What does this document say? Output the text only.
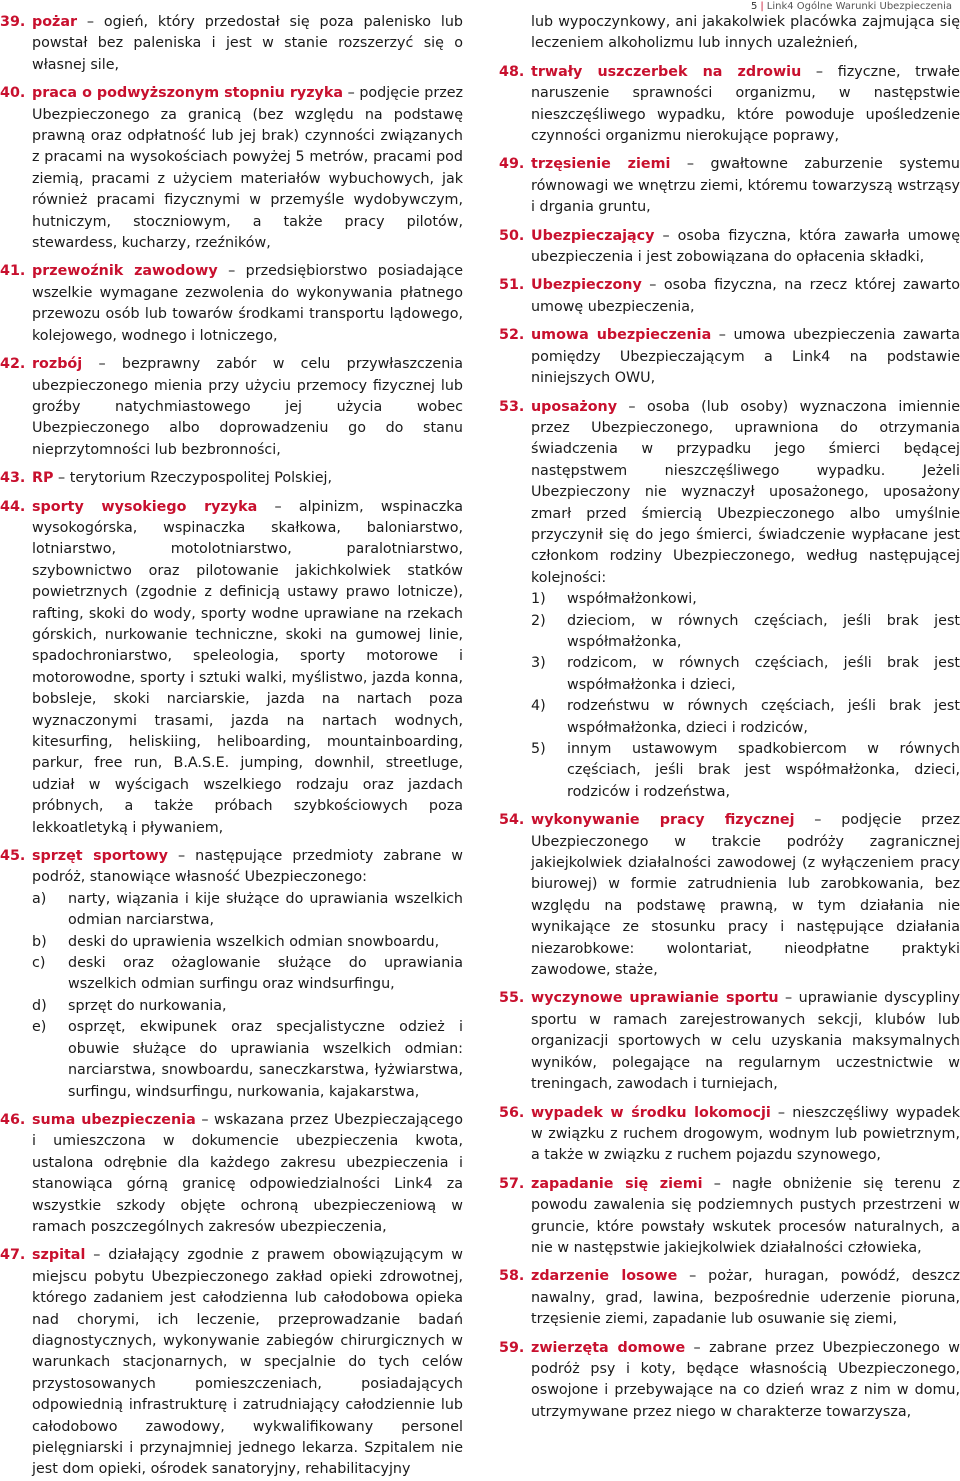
5 | Link4 Ogólne Warunki Ubezpieczenia
39. pożar – ogień, który przedostał się poza palenisko lub powstał bez paleniska i jest w stanie rozszerzyć się o własnej sile,
40. praca o podwyższonym stopniu ryzyka – podjęcie przez Ubezpieczonego za granicą (bez względu na podstawę prawną oraz odpłatność lub jej brak) czynności związanych z pracami na wysokościach powyżej 5 metrów, pracami pod ziemią, pracami z użyciem materiałów wybuchowych, jak również pracami fizycznymi w przemyśle wydobywczym, hutniczym, stoczniowym, a także pracy pilotów, stewardess, kucharzy, rzeźników,
41. przewoźnik zawodowy – przedsiębiorstwo posiadające wszelkie wymagane zezwolenia do wykonywania płatnego przewozu osób lub towarów środkami transportu lądowego, kolejowego, wodnego i lotniczego,
42. rozbój – bezprawny zabór w celu przywłaszczenia ubezpieczonego mienia przy użyciu przemocy fizycznej lub groźby natychmiastowego jej użycia wobec Ubezpieczonego albo doprowadzeniu go do stanu nieprzytomności lub bezbronności,
43. RP – terytorium Rzeczypospolitej Polskiej,
44. sporty wysokiego ryzyka – alpinizm, wspinaczka wysokogórska, wspinaczka skałkowa, baloniarstwo, lotniarstwo, motolotniarstwo, paralotniarstwo, szybownictwo oraz pilotowanie jakichkolwiek statków powietrznych (zgodnie z definicją ustawy prawo lotnicze), rafting, skoki do wody, sporty wodne uprawiane na rzekach górskich, nurkowanie techniczne, skoki na gumowej linie, spadochroniarstwo, speleologia, sporty motorowe i motorowodne, sporty i sztuki walki, myślistwo, jazda konna, bobsleje, skoki narciarskie, jazda na nartach poza wyznaczonymi trasami, jazda na nartach wodnych, kitesurfing, heliskiing, heliboarding, mountainboarding, parkur, free run, B.A.S.E. jumping, downhil, streetluge, udział w wyścigach wszelkiego rodzaju oraz jazdach próbnych, a także próbach szybkościowych poza lekkoatletyką i pływaniem,
45. sprzęt sportowy – następujące przedmioty zabrane w podróż, stanowiące własność Ubezpieczonego:
a) narty, wiązania i kije służące do uprawiania wszelkich odmian narciarstwa,
b) deski do uprawienia wszelkich odmian snowboardu,
c) deski oraz ożaglowanie służące do uprawiania wszelkich odmian surfingu oraz windsurfingu,
d) sprzęt do nurkowania,
e) osprzęt, ekwipunek oraz specjalistyczne odzież i obuwie służące do uprawiania wszelkich odmian: narciarstwa, snowboardu, saneczkarstwa, łyżwiarstwa, surfingu, windsurfingu, nurkowania, kajakarstwa,
46. suma ubezpieczenia – wskazana przez Ubezpieczającego i umieszczona w dokumencie ubezpieczenia kwota, ustalona odrębnie dla każdego zakresu ubezpieczenia i stanowiąca górną granicę odpowiedzialności Link4 za wszystkie szkody objęte ochroną ubezpieczeniową w ramach poszczególnych zakresów ubezpieczenia,
47. szpital – działający zgodnie z prawem obowiązującym w miejscu pobytu Ubezpieczonego zakład opieki zdrowotnej, którego zadaniem jest całodzienna lub całodobowa opieka nad chorymi, ich leczenie, przeprowadzanie badań diagnostycznych, wykonywanie zabiegów chirurgicznych w warunkach stacjonarnych, w specjalnie do tych celów przystosowanych pomieszczeniach, posiadających odpowiednią infrastrukturę i zatrudniający całodziennie lub całodobowo zawodowy, wykwalifikowany personel pielęgniarski i przynajmniej jednego lekarza. Szpitalem nie jest dom opieki, ośrodek sanatoryjny, rehabilitacyjny
lub wypoczynkowy, ani jakakolwiek placówka zajmująca się leczeniem alkoholizmu lub innych uzależnień,
48. trwały uszczerbek na zdrowiu – fizyczne, trwałe naruszenie sprawności organizmu, w następstwie nieszczęśliwego wypadku, które powoduje upośledzenie czynności organizmu nierokujące poprawy,
49. trzęsienie ziemi – gwałtowne zaburzenie systemu równowagi we wnętrzu ziemi, któremu towarzyszą wstrząsy i drgania gruntu,
50. Ubezpieczający – osoba fizyczna, która zawarła umowę ubezpieczenia i jest zobowiązana do opłacenia składki,
51. Ubezpieczony – osoba fizyczna, na rzecz której zawarto umowę ubezpieczenia,
52. umowa ubezpieczenia – umowa ubezpieczenia zawarta pomiędzy Ubezpieczającym a Link4 na podstawie niniejszych OWU,
53. uposażony – osoba (lub osoby) wyznaczona imiennie przez Ubezpieczonego, uprawniona do otrzymania świadczenia w przypadku jego śmierci będącej następstwem nieszczęśliwego wypadku. Jeżeli Ubezpieczony nie wyznaczył uposażonego, uposażony zmarł przed śmiercią Ubezpieczonego albo umyślnie przyczynił się do jego śmierci, świadczenie wypłacane jest członkom rodziny Ubezpieczonego, według następującej kolejności:
1) współmałżonkowi,
2) dzieciom, w równych częściach, jeśli brak jest współmałżonka,
3) rodzicom, w równych częściach, jeśli brak jest współmałżonka i dzieci,
4) rodzeństwu w równych częściach, jeśli brak jest współmałżonka, dzieci i rodziców,
5) innym ustawowym spadkobiercom w równych częściach, jeśli brak jest współmałżonka, dzieci, rodziców i rodzeństwa,
54. wykonywanie pracy fizycznej – podjęcie przez Ubezpieczonego w trakcie podróży zagranicznej jakiejkolwiek działalności zawodowej (z wyłączeniem pracy biurowej) w formie zatrudnienia lub zarobkowania, bez względu na podstawę prawną, w tym działania nie wynikające ze stosunku pracy i następujące działania niezarobkowe: wolontariat, nieodpłatne praktyki zawodowe, staże,
55. wyczynowe uprawianie sportu – uprawianie dyscypliny sportu w ramach zarejestrowanych sekcji, klubów lub organizacji sportowych w celu uzyskania maksymalnych wyników, polegające na regularnym uczestnictwie w treningach, zawodach i turniejach,
56. wypadek w środku lokomocji – nieszczęśliwy wypadek w związku z ruchem drogowym, wodnym lub powietrznym, a także w związku z ruchem pojazdu szynowego,
57. zapadanie się ziemi – nagłe obniżenie się terenu z powodu zawalenia się podziemnych pustych przestrzeni w gruncie, które powstały wskutek procesów naturalnych, a nie w następstwie jakiejkolwiek działalności człowieka,
58. zdarzenie losowe – pożar, huragan, powódź, deszcz nawalny, grad, lawina, bezpośrednie uderzenie pioruna, trzęsienie ziemi, zapadanie lub osuwanie się ziemi,
59. zwierzęta domowe – zabrane przez Ubezpieczonego w podróż psy i koty, będące własnością Ubezpieczonego, oswojone i przebywające na co dzień wraz z nim w domu, utrzymywane przez niego w charakterze towarzysza,
